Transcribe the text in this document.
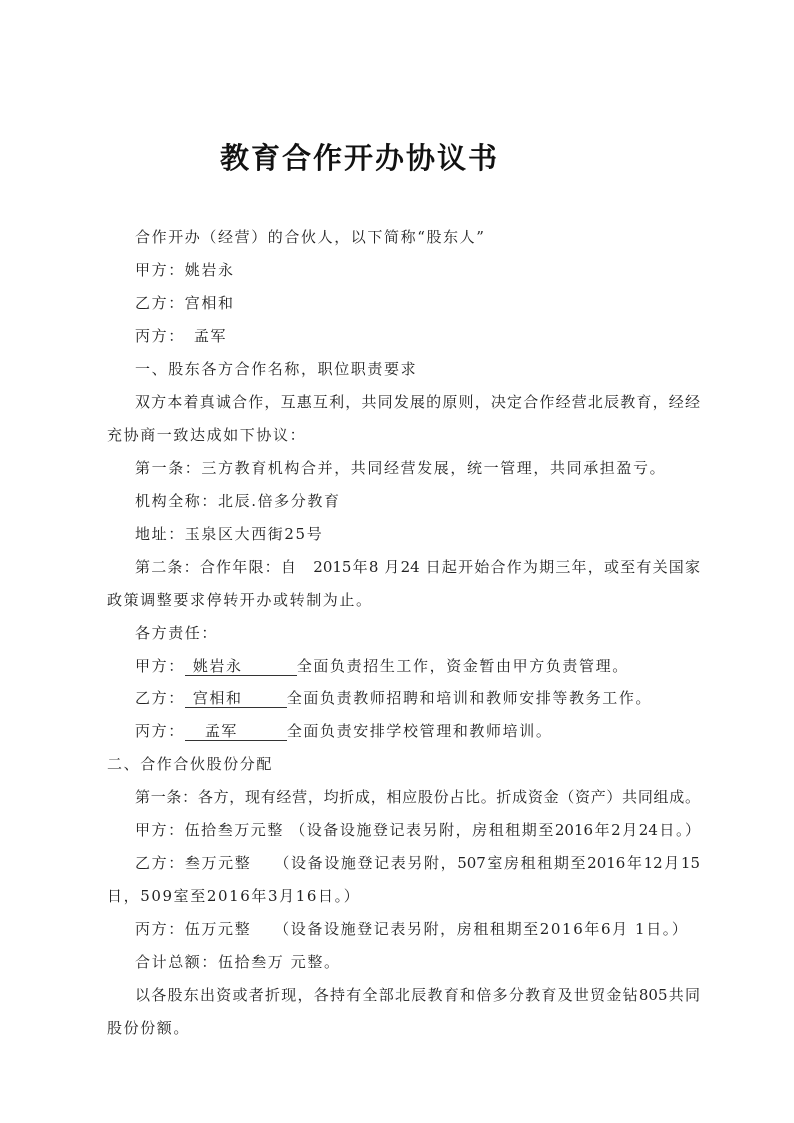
教育合作开办协议书
合作开办（经营）的合伙人，以下简称“股东人”
甲方：姚岩永
乙方：宫相和
丙方：　孟军
一、股东各方合作名称，职位职责要求
双方本着真诚合作，互惠互利，共同发展的原则，决定合作经营北辰教育，经经
充协商一致达成如下协议：
第一条：三方教育机构合并，共同经营发展，统一管理，共同承担盈亏。
机构全称：北辰.倍多分教育
地址：玉泉区大西街25号
第二条：合作年限：自　2015年8 月24 日起开始合作为期三年，或至有关国家
政策调整要求停转开办或转制为止。
各方责任：
甲方： 姚岩永	全面负责招生工作，资金暂由甲方负责管理。
乙方： 宫相和	全面负责教师招聘和培训和教师安排等教务工作。
丙方： 孟军	全面负责安排学校管理和教师培训。
二、合作合伙股份分配
第一条：各方，现有经营，均折成，相应股份占比。折成资金（资产）共同组成。
甲方：伍拾叁万元整 （设备设施登记表另附，房租租期至2016年2月24日。）
乙方：叁万元整　 （设备设施登记表另附，507室房租租期至2016年12月15
日，509室至2016年3月16日。）
丙方：伍万元整　 （设备设施登记表另附，房租租期至2016年6月 1日。）
合计总额：伍拾叁万 元整。
以各股东出资或者折现，各持有全部北辰教育和倍多分教育及世贸金钻805共同
股份份额。
